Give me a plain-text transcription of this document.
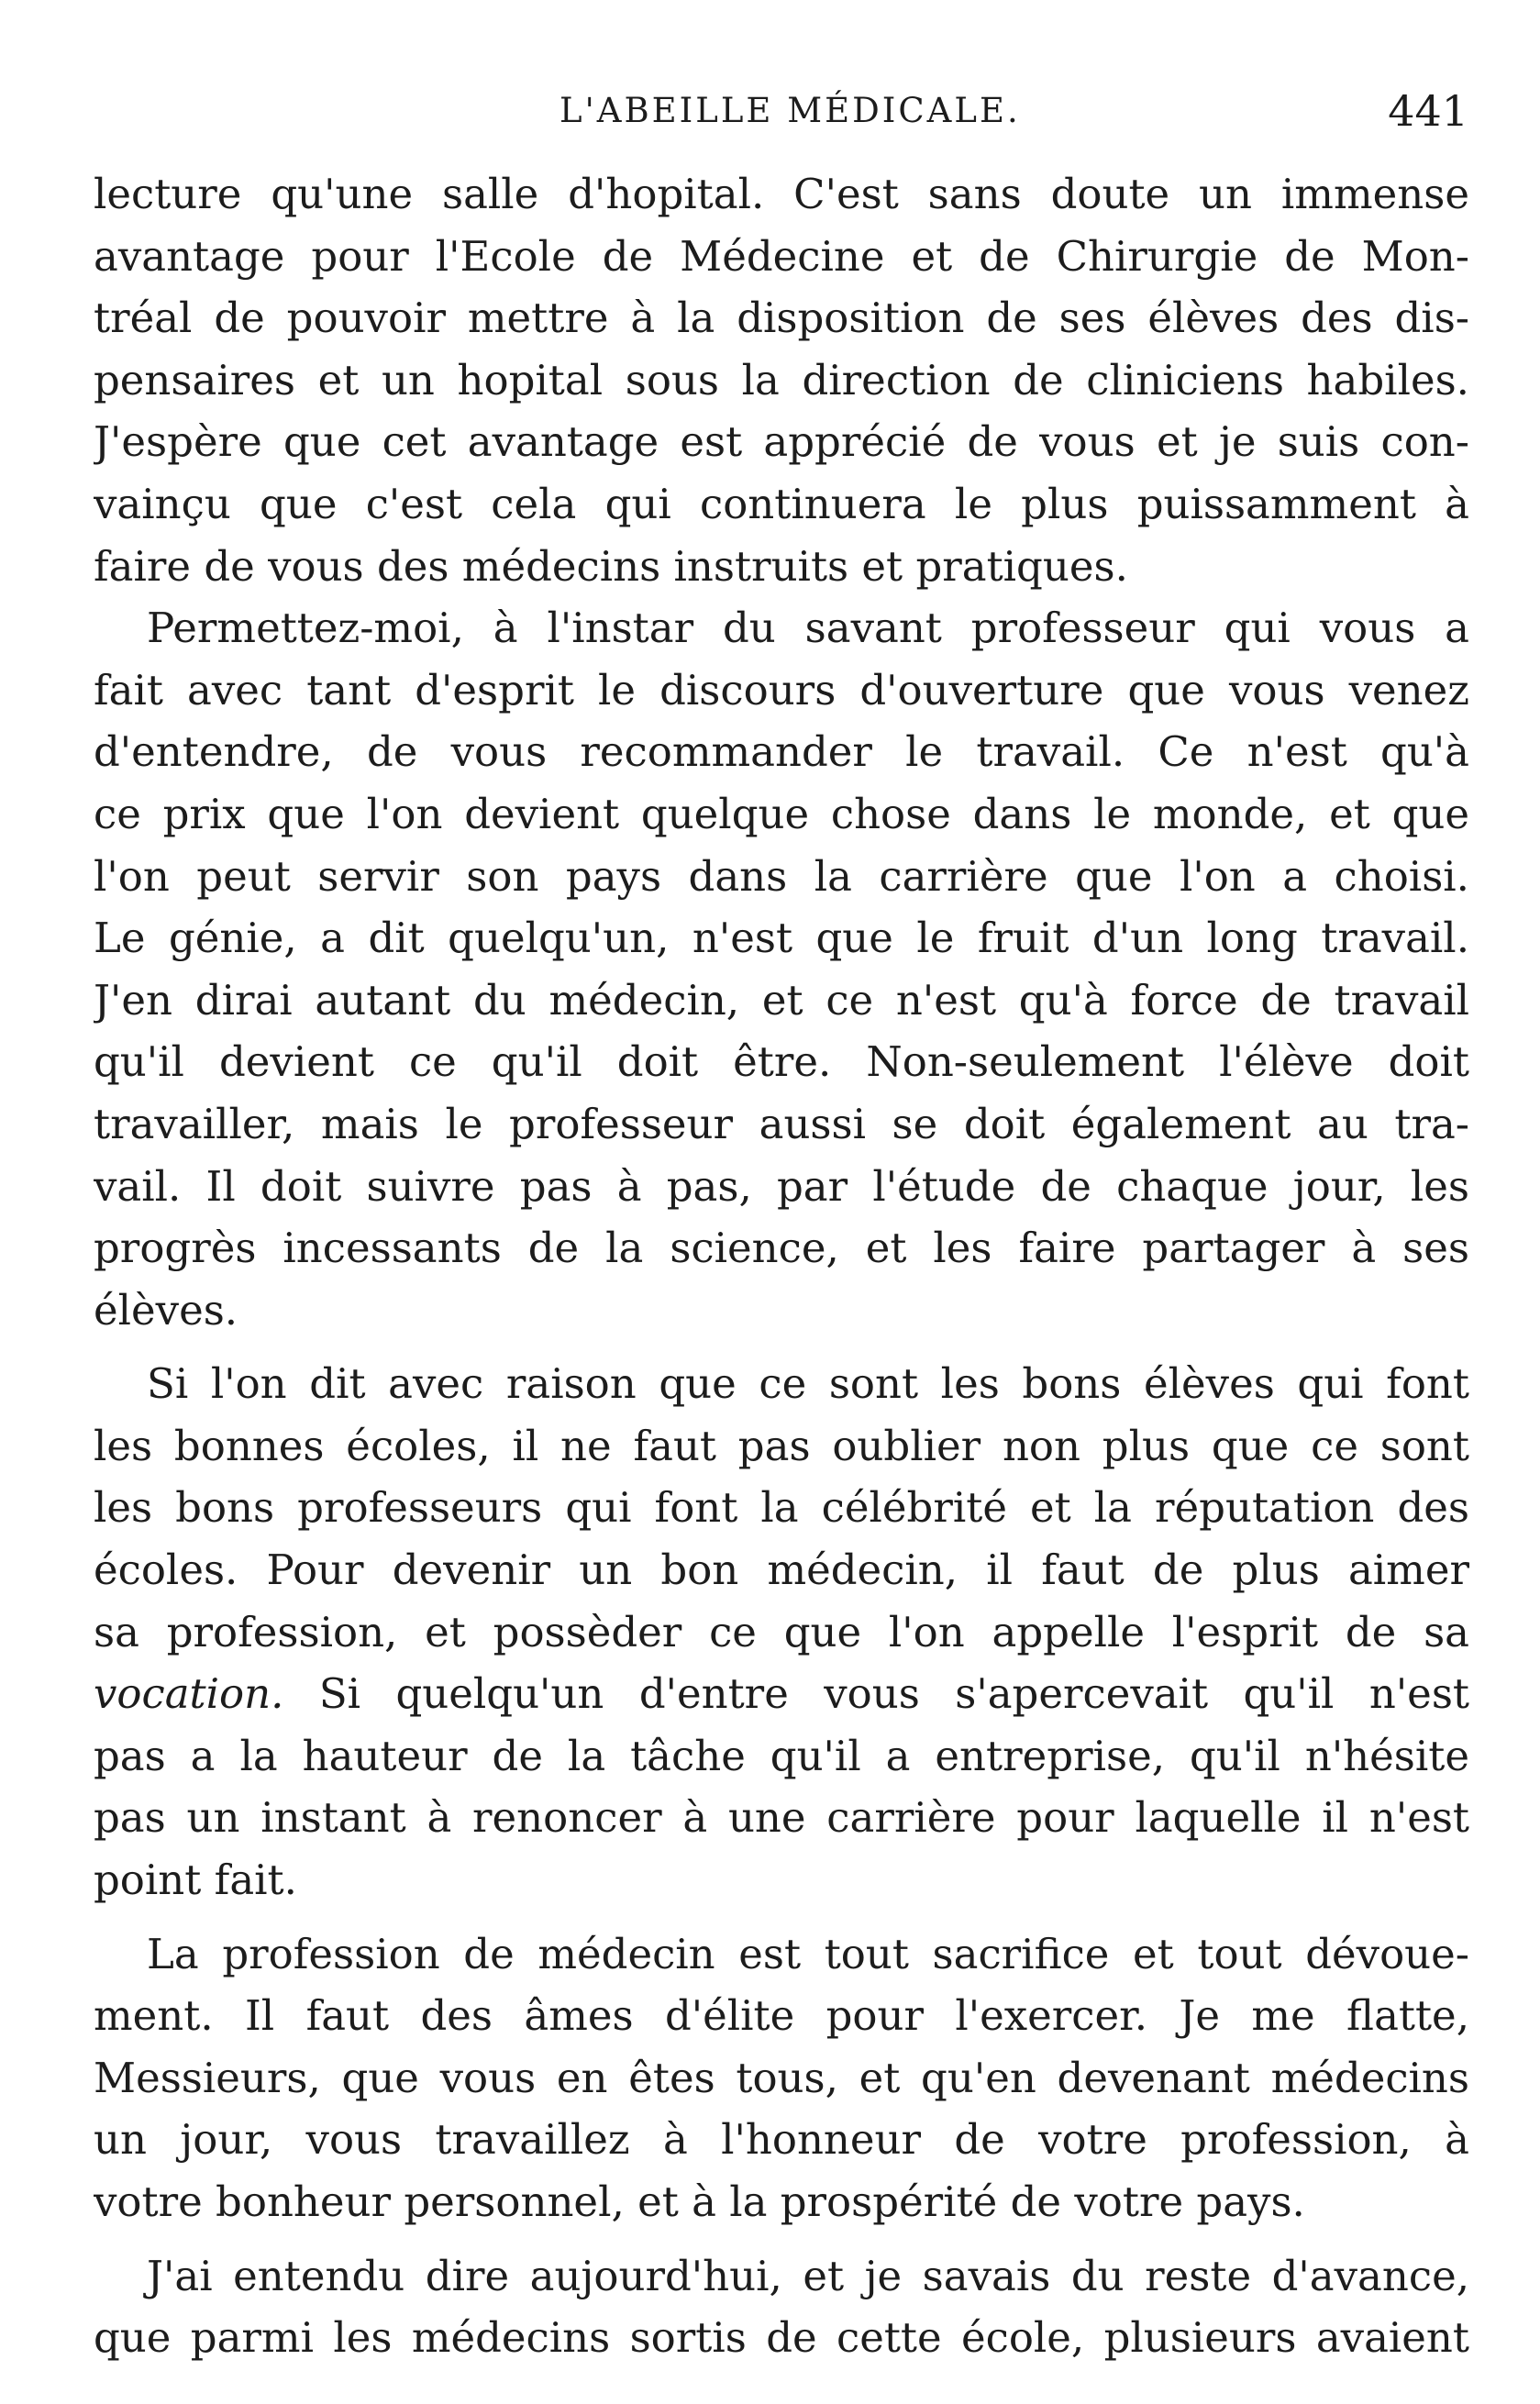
L'ABEILLE MÉDICALE.	441
lecture qu'une salle d'hopital. C'est sans doute un immense
avantage pour l'Ecole de Médecine et de Chirurgie de Mon-
tréal de pouvoir mettre à la disposition de ses élèves des dis-
pensaires et un hopital sous la direction de cliniciens habiles.
J'espère que cet avantage est apprécié de vous et je suis con-
vainçu que c'est cela qui continuera le plus puissamment à
faire de vous des médecins instruits et pratiques.
Permettez-moi, à l'instar du savant professeur qui vous a
fait avec tant d'esprit le discours d'ouverture que vous venez
d'entendre, de vous recommander le travail. Ce n'est qu'à
ce prix que l'on devient quelque chose dans le monde, et que
l'on peut servir son pays dans la carrière que l'on a choisi.
Le génie, a dit quelqu'un, n'est que le fruit d'un long travail.
J'en dirai autant du médecin, et ce n'est qu'à force de travail
qu'il devient ce qu'il doit être. Non-seulement l'élève doit
travailler, mais le professeur aussi se doit également au tra-
vail. Il doit suivre pas à pas, par l'étude de chaque jour, les
progrès incessants de la science, et les faire partager à ses
élèves.
Si l'on dit avec raison que ce sont les bons élèves qui font
les bonnes écoles, il ne faut pas oublier non plus que ce sont
les bons professeurs qui font la célébrité et la réputation des
écoles. Pour devenir un bon médecin, il faut de plus aimer
sa profession, et possèder ce que l'on appelle l'esprit de sa
vocation. Si quelqu'un d'entre vous s'apercevait qu'il n'est
pas a la hauteur de la tâche qu'il a entreprise, qu'il n'hésite
pas un instant à renoncer à une carrière pour laquelle il n'est
point fait.
La profession de médecin est tout sacrifice et tout dévoue-
ment. Il faut des âmes d'élite pour l'exercer. Je me flatte,
Messieurs, que vous en êtes tous, et qu'en devenant médecins
un jour, vous travaillez à l'honneur de votre profession, à
votre bonheur personnel, et à la prospérité de votre pays.
J'ai entendu dire aujourd'hui, et je savais du reste d'avance,
que parmi les médecins sortis de cette école, plusieurs avaient
